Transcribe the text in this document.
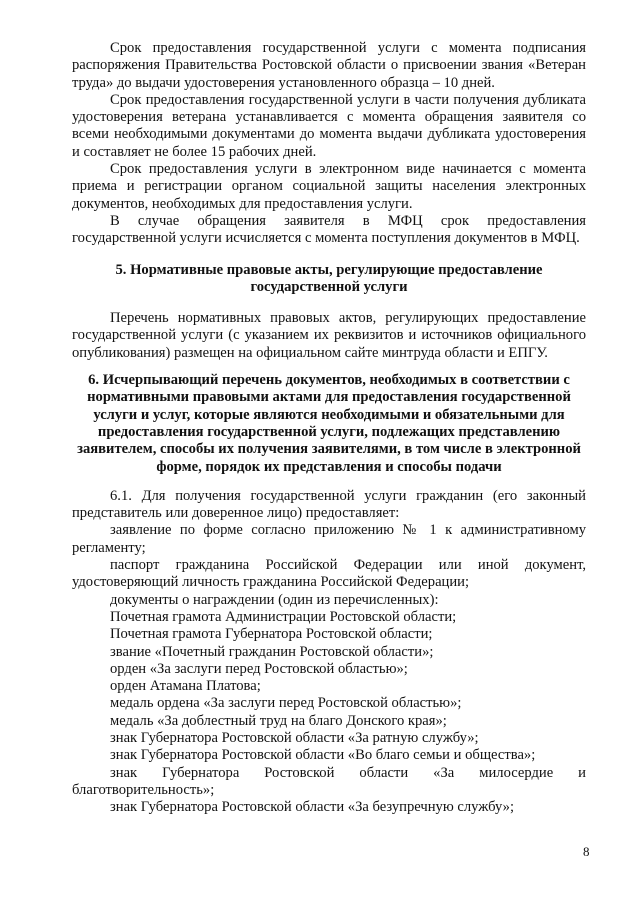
Срок предоставления государственной услуги с момента подписания распоряжения Правительства Ростовской области о присвоении звания «Ветеран труда» до выдачи удостоверения установленного образца – 10 дней.

Срок предоставления государственной услуги в части получения дубликата удостоверения ветерана устанавливается с момента обращения заявителя со всеми необходимыми документами до момента выдачи дубликата удостоверения и составляет не более 15 рабочих дней.

Срок предоставления услуги в электронном виде начинается с момента приема и регистрации органом социальной защиты населения электронных документов, необходимых для предоставления услуги.

В случае обращения заявителя в МФЦ срок предоставления государственной услуги исчисляется с момента поступления документов в МФЦ.

5. Нормативные правовые акты, регулирующие предоставление государственной услуги

Перечень нормативных правовых актов, регулирующих предоставление государственной услуги (с указанием их реквизитов и источников официального опубликования) размещен на официальном сайте минтруда области и ЕПГУ.

6. Исчерпывающий перечень документов, необходимых в соответствии с нормативными правовыми актами для предоставления государственной услуги и услуг, которые являются необходимыми и обязательными для предоставления государственной услуги, подлежащих представлению заявителем, способы их получения заявителями, в том числе в электронной форме, порядок их представления и способы подачи

6.1. Для получения государственной услуги гражданин (его законный представитель или доверенное лицо) предоставляет:

заявление по форме согласно приложению № 1 к административному регламенту;

паспорт гражданина Российской Федерации или иной документ, удостоверяющий личность гражданина Российской Федерации;

документы о награждении (один из перечисленных):

Почетная грамота Администрации Ростовской области;

Почетная грамота Губернатора Ростовской области;

звание «Почетный гражданин Ростовской области»;

орден «За заслуги перед Ростовской областью»;

орден Атамана Платова;

медаль ордена «За заслуги перед Ростовской областью»;

медаль «За доблестный труд на благо Донского края»;

знак Губернатора Ростовской области «За ратную службу»;

знак Губернатора Ростовской области «Во благо семьи и общества»;

знак Губернатора Ростовской области «За милосердие и благотворительность»;

знак Губернатора Ростовской области «За безупречную службу»;

8
